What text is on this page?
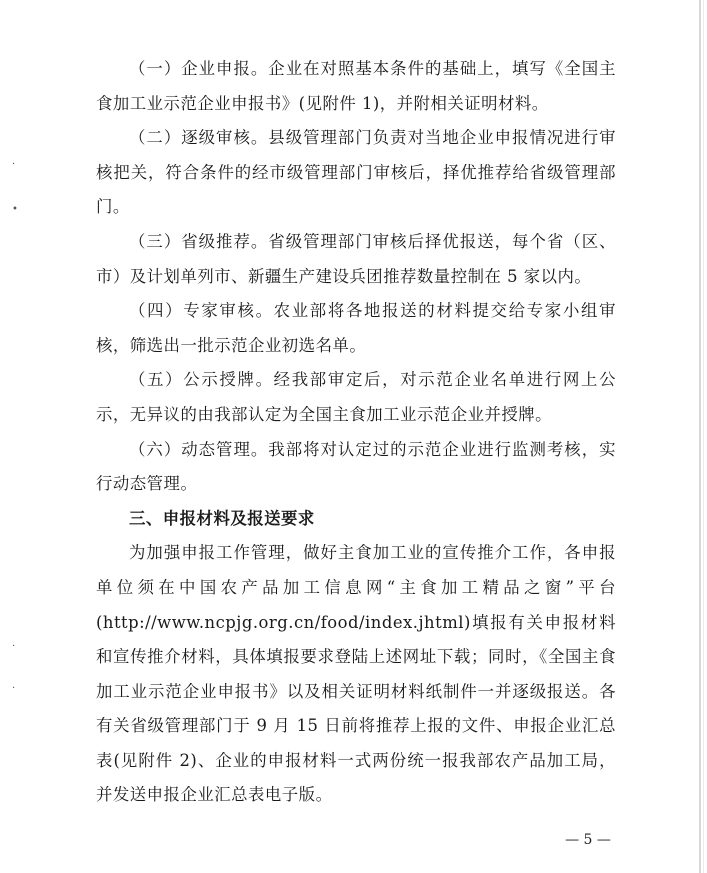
·
•
·
·

（一）企业申报。企业在对照基本条件的基础上，填写《全国主食加工业示范企业申报书》(见附件 1)，并附相关证明材料。

（二）逐级审核。县级管理部门负责对当地企业申报情况进行审核把关，符合条件的经市级管理部门审核后，择优推荐给省级管理部门。

（三）省级推荐。省级管理部门审核后择优报送，每个省（区、市）及计划单列市、新疆生产建设兵团推荐数量控制在 5 家以内。

（四）专家审核。农业部将各地报送的材料提交给专家小组审核，筛选出一批示范企业初选名单。

（五）公示授牌。经我部审定后，对示范企业名单进行网上公示，无异议的由我部认定为全国主食加工业示范企业并授牌。

（六）动态管理。我部将对认定过的示范企业进行监测考核，实行动态管理。

三、申报材料及报送要求

为加强申报工作管理，做好主食加工业的宣传推介工作，各申报单位须在中国农产品加工信息网“主食加工精品之窗”平台(http://www.ncpjg.org.cn/food/index.jhtml)填报有关申报材料和宣传推介材料，具体填报要求登陆上述网址下载；同时，《全国主食加工业示范企业申报书》以及相关证明材料纸制件一并逐级报送。各有关省级管理部门于 9 月 15 日前将推荐上报的文件、申报企业汇总表(见附件 2)、企业的申报材料一式两份统一报我部农产品加工局，并发送申报企业汇总表电子版。

— 5 —
